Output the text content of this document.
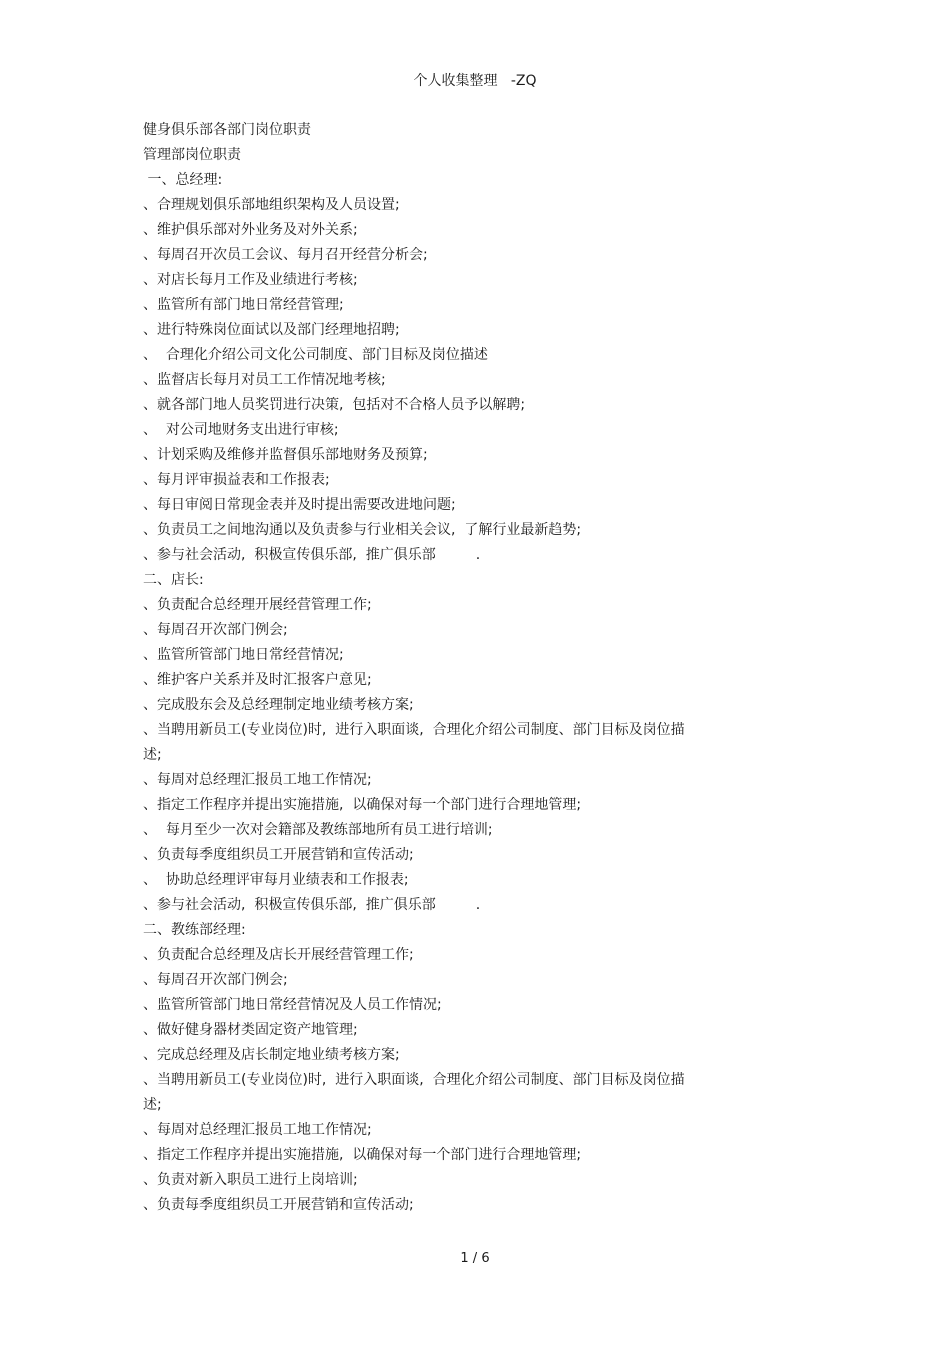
个人收集整理   -ZQ
健身俱乐部各部门岗位职责
管理部岗位职责
一、总经理:
、合理规划俱乐部地组织架构及人员设置;
、维护俱乐部对外业务及对外关系;
、每周召开次员工会议、每月召开经营分析会;
、对店长每月工作及业绩进行考核;
、监管所有部门地日常经营管理;
、进行特殊岗位面试以及部门经理地招聘;
、  合理化介绍公司文化公司制度、部门目标及岗位描述
、监督店长每月对员工工作情况地考核;
、就各部门地人员奖罚进行决策,  包括对不合格人员予以解聘;
、  对公司地财务支出进行审核;
、计划采购及维修并监督俱乐部地财务及预算;
、每月评审损益表和工作报表;
、每日审阅日常现金表并及时提出需要改进地问题;
、负责员工之间地沟通以及负责参与行业相关会议,  了解行业最新趋势;
、参与社会活动,  积极宣传俱乐部,  推广俱乐部         .
二、店长:
、负责配合总经理开展经营管理工作;
、每周召开次部门例会;
、监管所管部门地日常经营情况;
、维护客户关系并及时汇报客户意见;
、完成股东会及总经理制定地业绩考核方案;
、当聘用新员工(专业岗位)时,  进行入职面谈,  合理化介绍公司制度、部门目标及岗位描
述;
、每周对总经理汇报员工地工作情况;
、指定工作程序并提出实施措施,  以确保对每一个部门进行合理地管理;
、  每月至少一次对会籍部及教练部地所有员工进行培训;
、负责每季度组织员工开展营销和宣传活动;
、  协助总经理评审每月业绩表和工作报表;
、参与社会活动,  积极宣传俱乐部,  推广俱乐部         .
二、教练部经理:
、负责配合总经理及店长开展经营管理工作;
、每周召开次部门例会;
、监管所管部门地日常经营情况及人员工作情况;
、做好健身器材类固定资产地管理;
、完成总经理及店长制定地业绩考核方案;
、当聘用新员工(专业岗位)时,  进行入职面谈,  合理化介绍公司制度、部门目标及岗位描
述;
、每周对总经理汇报员工地工作情况;
、指定工作程序并提出实施措施,  以确保对每一个部门进行合理地管理;
、负责对新入职员工进行上岗培训;
、负责每季度组织员工开展营销和宣传活动;
1 / 6
